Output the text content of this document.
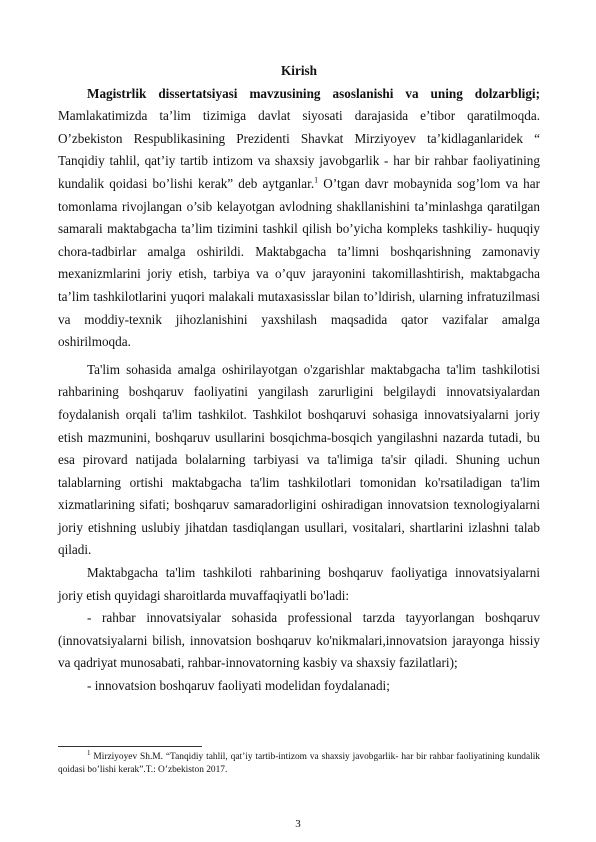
Kirish

Magistrlik dissertatsiyasi mavzusining asoslanishi va uning dolzarbligi; Mamlakatimizda ta’lim tizimiga davlat siyosati darajasida e’tibor qaratilmoqda. O’zbekiston Respublikasining Prezidenti Shavkat Mirziyoyev ta’kidlaganlaridek “ Tanqidiy tahlil, qat’iy tartib intizom va shaxsiy javobgarlik - har bir rahbar faoliyatining kundalik qoidasi bo’lishi kerak” deb aytganlar.$^1$ O’tgan davr mobaynida sog’lom va har tomonlama rivojlangan o’sib kelayotgan avlodning shakllanishini ta’minlashga qaratilgan samarali maktabgacha ta’lim tizimini tashkil qilish bo’yicha kompleks tashkiliy- huquqiy chora-tadbirlar amalga oshirildi. Maktabgacha ta’limni boshqarishning zamonaviy mexanizmlarini joriy etish, tarbiya va o’quv jarayonini takomillashtirish, maktabgacha ta’lim tashkilotlarini yuqori malakali mutaxasisslar bilan to’ldirish, ularning infratuzilmasi va moddiy-texnik jihozlanishini yaxshilash maqsadida qator vazifalar amalga oshirilmoqda.

Ta'lim sohasida amalga oshirilayotgan o'zgarishlar maktabgacha ta'lim tashkilotisi rahbarining boshqaruv faoliyatini yangilash zarurligini belgilaydi innovatsiyalardan foydalanish orqali ta'lim tashkilot. Tashkilot boshqaruvi sohasiga innovatsiyalarni joriy etish mazmunini, boshqaruv usullarini bosqichma-bosqich yangilashni nazarda tutadi, bu esa pirovard natijada bolalarning tarbiyasi va ta'limiga ta'sir qiladi. Shuning uchun talablarning ortishi maktabgacha ta'lim tashkilotlari tomonidan ko'rsatiladigan ta'lim xizmatlarining sifati; boshqaruv samaradorligini oshiradigan innovatsion texnologiyalarni joriy etishning uslubiy jihatdan tasdiqlangan usullari, vositalari, shartlarini izlashni talab qiladi.

Maktabgacha ta'lim tashkiloti rahbarining boshqaruv faoliyatiga innovatsiyalarni joriy etish quyidagi sharoitlarda muvaffaqiyatli bo'ladi:

- rahbar innovatsiyalar sohasida professional tarzda tayyorlangan boshqaruv (innovatsiyalarni bilish, innovatsion boshqaruv ko'nikmalari,innovatsion jarayonga hissiy va qadriyat munosabati, rahbar-innovatorning kasbiy va shaxsiy fazilatlari);

- innovatsion boshqaruv faoliyati modelidan foydalanadi;

$^1$ Mirziyoyev Sh.M. “Tanqidiy tahlil, qat’iy tartib-intizom va shaxsiy javobgarlik- har bir rahbar faoliyatining kundalik qoidasi bo’lishi kerak”.T.: O’zbekiston 2017.

3
